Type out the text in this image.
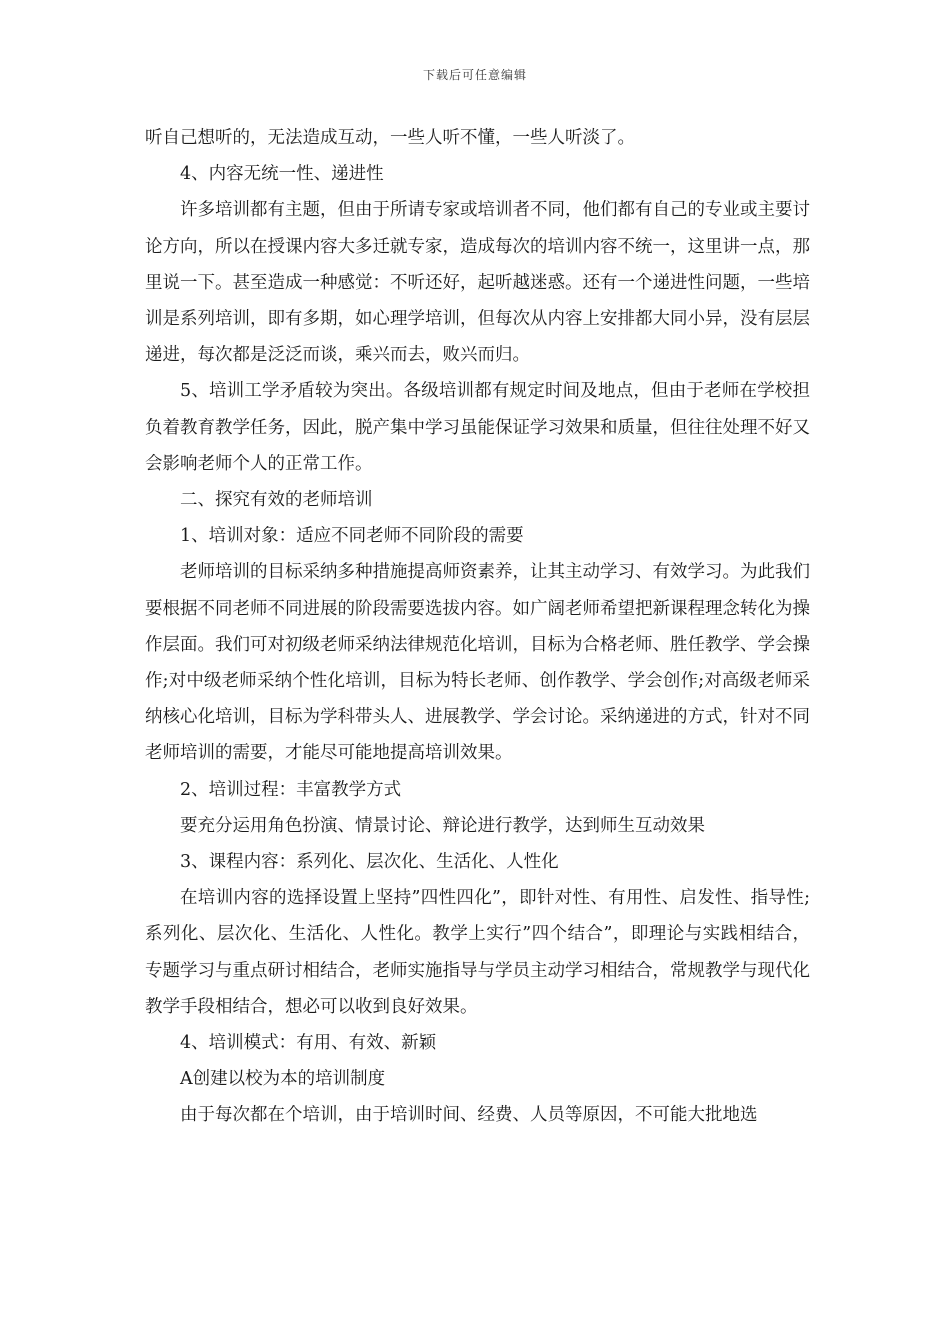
下载后可任意编辑

听自己想听的，无法造成互动，一些人听不懂，一些人听淡了。

4、内容无统一性、递进性

许多培训都有主题，但由于所请专家或培训者不同，他们都有自己的专业或主要讨论方向，所以在授课内容大多迁就专家，造成每次的培训内容不统一，这里讲一点，那里说一下。甚至造成一种感觉：不听还好，起听越迷惑。还有一个递进性问题，一些培训是系列培训，即有多期，如心理学培训，但每次从内容上安排都大同小异，没有层层递进，每次都是泛泛而谈，乘兴而去，败兴而归。

5、培训工学矛盾较为突出。各级培训都有规定时间及地点，但由于老师在学校担负着教育教学任务，因此，脱产集中学习虽能保证学习效果和质量，但往往处理不好又会影响老师个人的正常工作。

二、探究有效的老师培训

1、培训对象：适应不同老师不同阶段的需要

老师培训的目标采纳多种措施提高师资素养，让其主动学习、有效学习。为此我们要根据不同老师不同进展的阶段需要选拔内容。如广阔老师希望把新课程理念转化为操作层面。我们可对初级老师采纳法律规范化培训，目标为合格老师、胜任教学、学会操作;对中级老师采纳个性化培训，目标为特长老师、创作教学、学会创作;对高级老师采纳核心化培训，目标为学科带头人、进展教学、学会讨论。采纳递进的方式，针对不同老师培训的需要，才能尽可能地提高培训效果。

2、培训过程：丰富教学方式

要充分运用角色扮演、情景讨论、辩论进行教学，达到师生互动效果

3、课程内容：系列化、层次化、生活化、人性化

在培训内容的选择设置上坚持”四性四化”，即针对性、有用性、启发性、指导性;系列化、层次化、生活化、人性化。教学上实行”四个结合”，即理论与实践相结合，专题学习与重点研讨相结合，老师实施指导与学员主动学习相结合，常规教学与现代化教学手段相结合，想必可以收到良好效果。

4、培训模式：有用、有效、新颖

A创建以校为本的培训制度

由于每次都在个培训，由于培训时间、经费、人员等原因，不可能大批地选
